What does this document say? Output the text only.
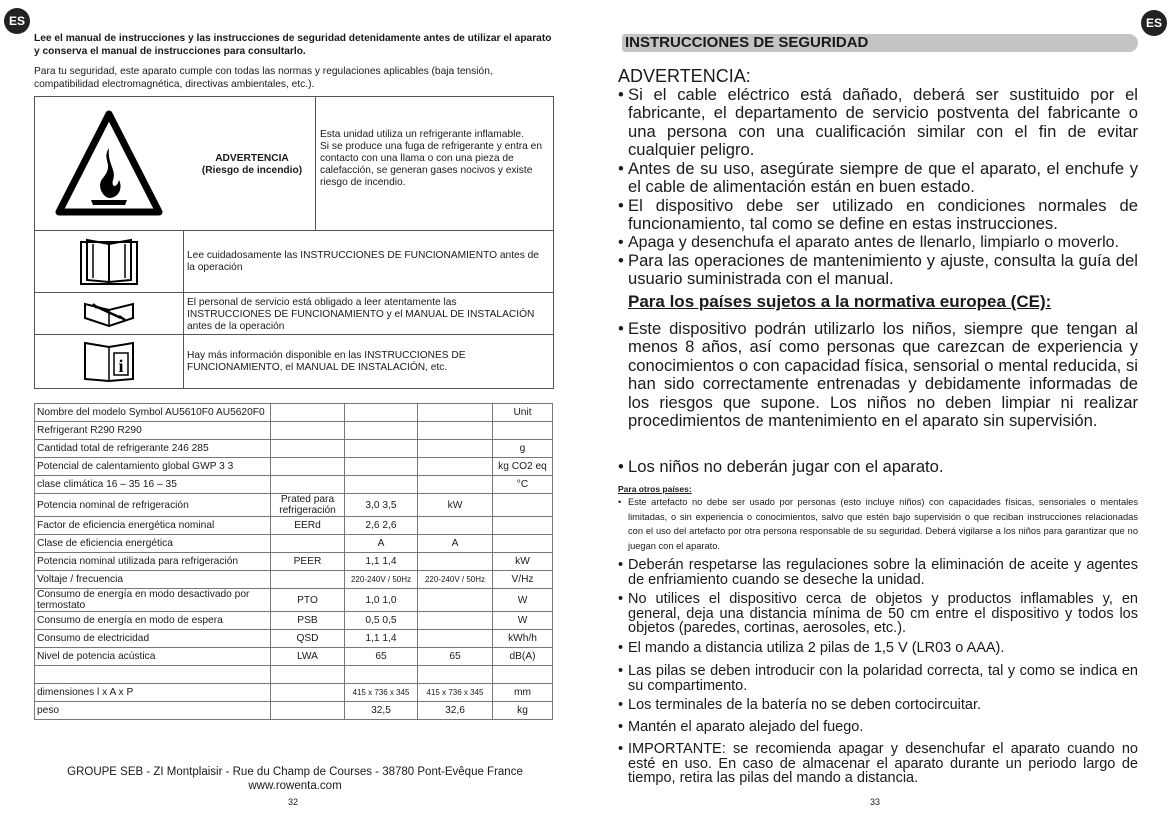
ES
Lee el manual de instrucciones y las instrucciones de seguridad detenidamente antes de utilizar el aparato y conserva el manual de instrucciones para consultarlo.
Para tu seguridad, este aparato cumple con todas las normas y regulaciones aplicables (baja tensión, compatibilidad electromagnética, directivas ambientales, etc.).
ADVERTENCIA
(Riesgo de incendio)
Esta unidad utiliza un refrigerante inflamable.
Si se produce una fuga de refrigerante y entra en contacto con una llama o con una pieza de calefacción, se generan gases nocivos y existe riesgo de incendio.
Lee cuidadosamente las INSTRUCCIONES DE FUNCIONAMIENTO antes de la operación
El personal de servicio está obligado a leer atentamente las INSTRUCCIONES DE FUNCIONAMIENTO y el MANUAL DE INSTALACIÓN antes de la operación
i
Hay más información disponible en las INSTRUCCIONES DE FUNCIONAMIENTO, el MANUAL DE INSTALACIÓN, etc.
Nombre del modelo Symbol AU5610F0 AU5620F0				Unit
Refrigerant R290 R290				
Cantidad total de refrigerante 246 285				g
Potencial de calentamiento global GWP 3 3				kg CO2 eq
clase climática 16 – 35 16 – 35				°C
Potencia nominal de refrigeración	Prated para refrigeración	3,0 3,5	kW	
Factor de eficiencia energética nominal	EERd	2,6 2,6		
Clase de eficiencia energética		A	A	
Potencia nominal utilizada para refrigeración	PEER	1,1 1,4		kW
Voltaje / frecuencia		220-240V / 50Hz	220-240V / 50Hz	V/Hz
Consumo de energía en modo desactivado por termostato	PTO	1,0 1,0		W
Consumo de energía en modo de espera	PSB	0,5 0,5		W
Consumo de electricidad	QSD	1,1 1,4		kWh/h
Nivel de potencia acústica	LWA	65	65	dB(A)

dimensiones l x A x P		415 x 736 x 345	415 x 736 x 345	mm
peso		32,5	32,6	kg
GROUPE SEB - ZI Montplaisir - Rue du Champ de Courses - 38780 Pont-Evêque France
www.rowenta.com
32
ES
INSTRUCCIONES DE SEGURIDAD
ADVERTENCIA:
• Si el cable eléctrico está dañado, deberá ser sustituido por el fabricante, el departamento de servicio postventa del fabricante o una persona con una cualificación similar con el fin de evitar cualquier peligro.
• Antes de su uso, asegúrate siempre de que el aparato, el enchufe y el cable de alimentación están en buen estado.
• El dispositivo debe ser utilizado en condiciones normales de funcionamiento, tal como se define en estas instrucciones.
• Apaga y desenchufa el aparato antes de llenarlo, limpiarlo o moverlo.
• Para las operaciones de mantenimiento y ajuste, consulta la guía del usuario suministrada con el manual.
Para los países sujetos a la normativa europea (CE):
• Este dispositivo podrán utilizarlo los niños, siempre que tengan al menos 8 años, así como personas que carezcan de experiencia y conocimientos o con capacidad física, sensorial o mental reducida, si han sido correctamente entrenadas y debidamente informadas de los riesgos que supone. Los niños no deben limpiar ni realizar procedimientos de mantenimiento en el aparato sin supervisión.
• Los niños no deberán jugar con el aparato.
Para otros países:
• Este artefacto no debe ser usado por personas (esto incluye niños) con capacidades físicas, sensoriales o mentales limitadas, o sin experiencia o conocimientos, salvo que estén bajo supervisión o que reciban instrucciones relacionadas con el uso del artefacto por otra persona responsable de su seguridad. Deberá vigilarse a los niños para garantizar que no juegan con el aparato.
• Deberán respetarse las regulaciones sobre la eliminación de aceite y agentes de enfriamiento cuando se deseche la unidad.
• No utilices el dispositivo cerca de objetos y productos inflamables y, en general, deja una distancia mínima de 50 cm entre el dispositivo y todos los objetos (paredes, cortinas, aerosoles, etc.).
• El mando a distancia utiliza 2 pilas de 1,5 V (LR03 o AAA).
• Las pilas se deben introducir con la polaridad correcta, tal y como se indica en su compartimento.
• Los terminales de la batería no se deben cortocircuitar.
• Mantén el aparato alejado del fuego.
• IMPORTANTE: se recomienda apagar y desenchufar el aparato cuando no esté en uso. En caso de almacenar el aparato durante un periodo largo de tiempo, retira las pilas del mando a distancia.
33
